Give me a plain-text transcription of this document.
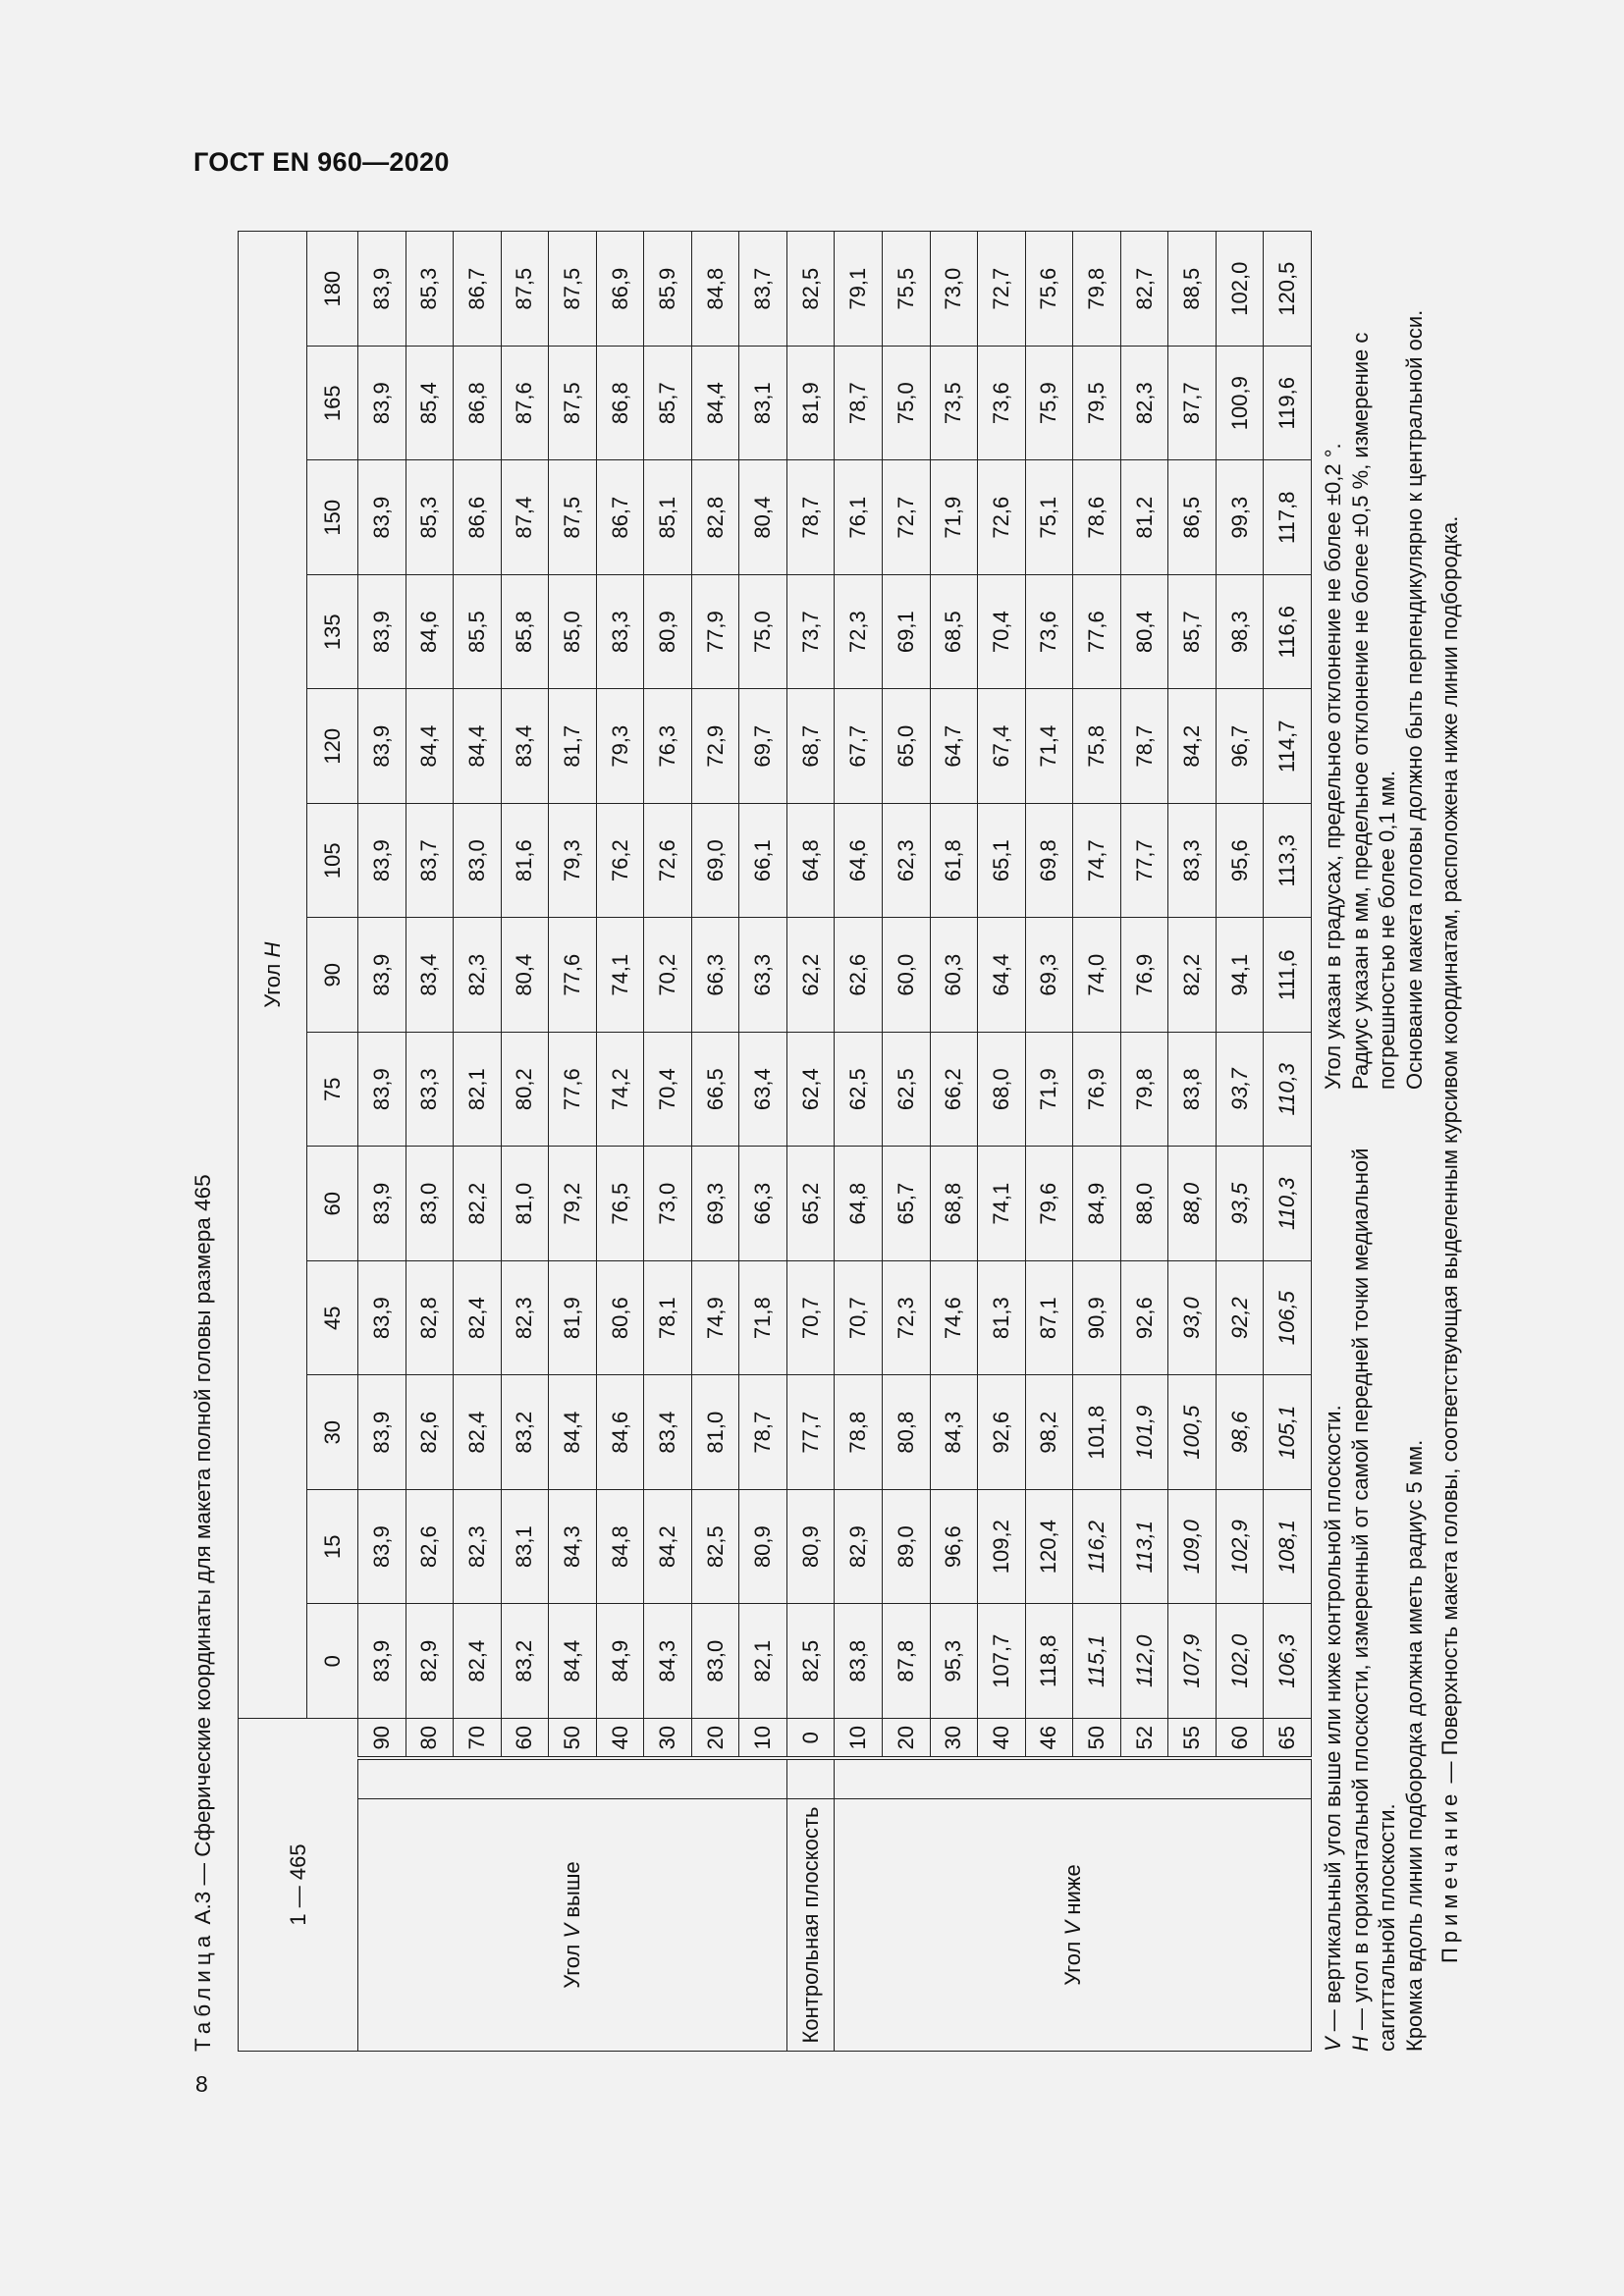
ГОСТ EN 960—2020
8
Таблица А.3 — Сферические координаты для макета полной головы размера 465	1 — 465			Угол H												
			0	15	30	45	60	75	90	105	120	135	150	165	180
Угол V выше		90	83,9	83,9	83,9	83,9	83,9	83,9	83,9	83,9	83,9	83,9	83,9	83,9	83,9
		80	82,9	82,6	82,6	82,8	83,0	83,3	83,4	83,7	84,4	84,6	85,3	85,4	85,3
		70	82,4	82,3	82,4	82,4	82,2	82,1	82,3	83,0	84,4	85,5	86,6	86,8	86,7
		60	83,2	83,1	83,2	82,3	81,0	80,2	80,4	81,6	83,4	85,8	87,4	87,6	87,5
		50	84,4	84,3	84,4	81,9	79,2	77,6	77,6	79,3	81,7	85,0	87,5	87,5	87,5
		40	84,9	84,8	84,6	80,6	76,5	74,2	74,1	76,2	79,3	83,3	86,7	86,8	86,9
		30	84,3	84,2	83,4	78,1	73,0	70,4	70,2	72,6	76,3	80,9	85,1	85,7	85,9
		20	83,0	82,5	81,0	74,9	69,3	66,5	66,3	69,0	72,9	77,9	82,8	84,4	84,8
		10	82,1	80,9	78,7	71,8	66,3	63,4	63,3	66,1	69,7	75,0	80,4	83,1	83,7
Контрольная плоскость		0	82,5	80,9	77,7	70,7	65,2	62,4	62,2	64,8	68,7	73,7	78,7	81,9	82,5
Угол V ниже		10	83,8	82,9	78,8	70,7	64,8	62,5	62,6	64,6	67,7	72,3	76,1	78,7	79,1
		20	87,8	89,0	80,8	72,3	65,7	62,5	60,0	62,3	65,0	69,1	72,7	75,0	75,5
		30	95,3	96,6	84,3	74,6	68,8	66,2	60,3	61,8	64,7	68,5	71,9	73,5	73,0
		40	107,7	109,2	92,6	81,3	74,1	68,0	64,4	65,1	67,4	70,4	72,6	73,6	72,7
		46	118,8	120,4	98,2	87,1	79,6	71,9	69,3	69,8	71,4	73,6	75,1	75,9	75,6
		50	115,1	116,2	101,8	90,9	84,9	76,9	74,0	74,7	75,8	77,6	78,6	79,5	79,8
		52	112,0	113,1	101,9	92,6	88,0	79,8	76,9	77,7	78,7	80,4	81,2	82,3	82,7
		55	107,9	109,0	100,5	93,0	88,0	83,8	82,2	83,3	84,2	85,7	86,5	87,7	88,5
		60	102,0	102,9	98,6	92,2	93,5	93,7	94,1	95,6	96,7	98,3	99,3	100,9	102,0
		65	106,3	108,1	105,1	106,5	110,3	110,3	111,6	113,3	114,7	116,6	117,8	119,6	120,5
V — вертикальный угол выше или ниже контрольной плоскости.
H — угол в горизонтальной плоскости, измеренный от самой передней точки медиальной сагиттальной плоскости. Кромка вдоль линии подбородка должна иметь радиус 5 мм.
Угол указан в градусах, предельное отклонение не более ±0,2 °. Радиус указан в мм, предельное отклонение не более ±0,5 %, измерение с погрешностью не более 0,1 мм. Основание макета головы должно быть перпендикулярно к центральной оси.
Примечание — Поверхность макета головы, соответствующая выделенным курсивом координатам, расположена ниже линии подбородка.
